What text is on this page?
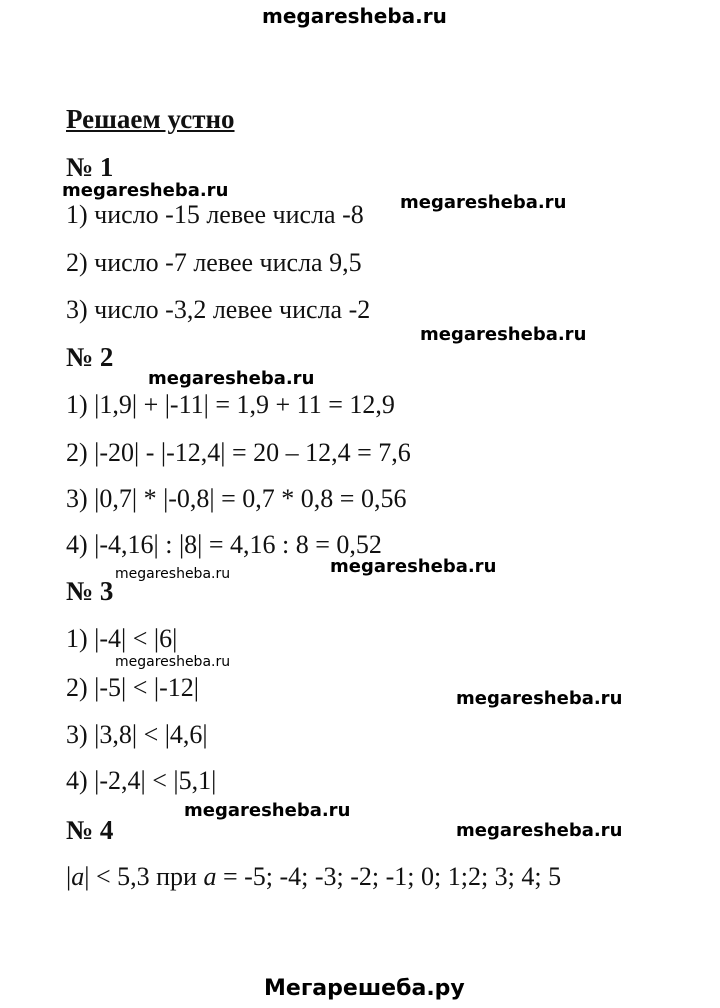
megaresheba.ru
Решаем устно
№ 1
megaresheba.ru
megaresheba.ru
1) число -15 левее числа -8
2) число -7 левее числа 9,5
3) число -3,2 левее числа -2
megaresheba.ru
№ 2
megaresheba.ru
1) |1,9| + |-11| = 1,9 + 11 = 12,9
2) |-20| - |-12,4| = 20 – 12,4 = 7,6
3) |0,7| * |-0,8| = 0,7 * 0,8 = 0,56
4) |-4,16| : |8| = 4,16 : 8 = 0,52
megaresheba.ru	megaresheba.ru
№ 3
1) |-4| < |6|
megaresheba.ru
2) |-5| < |-12|	megaresheba.ru
3) |3,8| < |4,6|
4) |-2,4| < |5,1|
megaresheba.ru
№ 4	megaresheba.ru
|a| < 5,3 при a = -5; -4; -3; -2; -1; 0; 1;2; 3; 4; 5
Мегарешеба.ру
